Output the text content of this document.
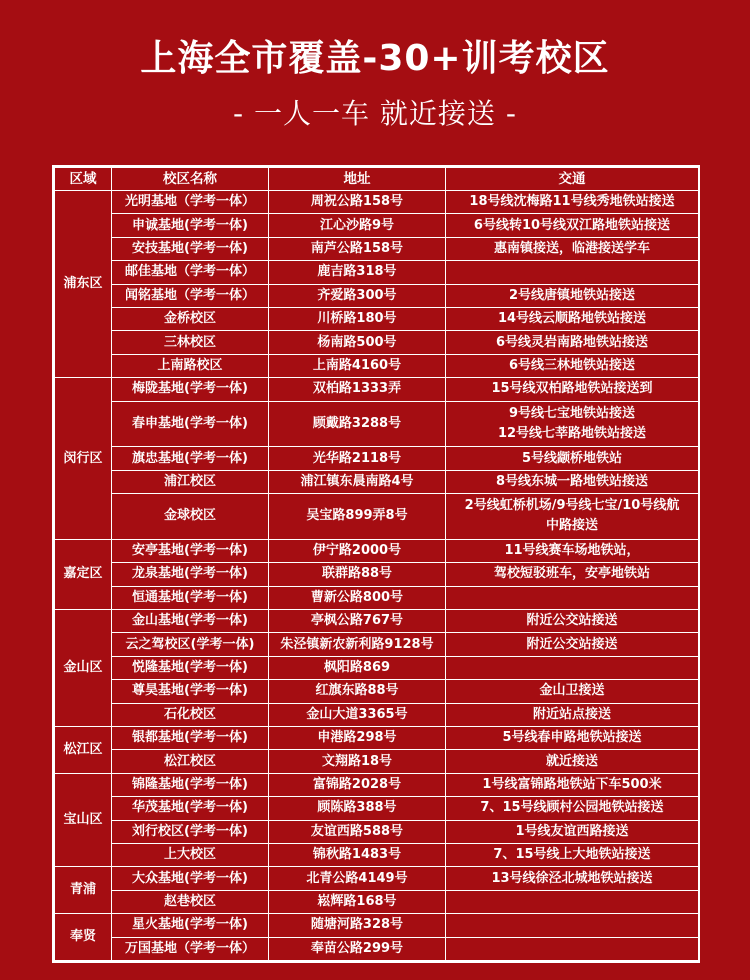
上海全市覆盖-30+训考校区
- 一人一车 就近接送 -
区域	校区名称	地址	交通
浦东区	光明基地（学考一体）	周祝公路158号	18号线沈梅路11号线秀地铁站接送
	申诚基地(学考一体)	江心沙路9号	6号线转10号线双江路地铁站接送
	安技基地(学考一体)	南芦公路158号	惠南镇接送，临港接送学车
	邮佳基地（学考一体）	鹿吉路318号	
	闻铭基地（学考一体）	齐爱路300号	2号线唐镇地铁站接送
	金桥校区	川桥路180号	14号线云顺路地铁站接送
	三林校区	杨南路500号	6号线灵岩南路地铁站接送
	上南路校区	上南路4160号	6号线三林地铁站接送
闵行区	梅陇基地(学考一体)	双柏路1333弄	15号线双柏路地铁站接送到
	春申基地(学考一体)	顾戴路3288号	9号线七宝地铁站接送
12号线七莘路地铁站接送

	旗忠基地(学考一体)	光华路2118号	5号线颛桥地铁站
	浦江校区	浦江镇东晨南路4号	8号线东城一路地铁站接送
	金球校区	吴宝路899弄8号	2号线虹桥机场/9号线七宝/10号线航
中路接送

嘉定区	安亭基地(学考一体)	伊宁路2000号	11号线赛车场地铁站，
	龙泉基地(学考一体)	联群路88号	驾校短驳班车，安亭地铁站
	恒通基地(学考一体)	曹新公路800号	
金山区	金山基地(学考一体)	亭枫公路767号	附近公交站接送
	云之驾校区(学考一体)	朱泾镇新农新利路9128号	附近公交站接送
	悦隆基地(学考一体)	枫阳路869	
	尊昊基地(学考一体)	红旗东路88号	金山卫接送
	石化校区	金山大道3365号	附近站点接送
松江区	银都基地(学考一体)	申港路298号	5号线春申路地铁站接送
	松江校区	文翔路18号	就近接送
宝山区	锦隆基地(学考一体)	富锦路2028号	1号线富锦路地铁站下车500米
	华茂基地(学考一体)	顾陈路388号	7、15号线顾村公园地铁站接送
	刘行校区(学考一体)	友谊西路588号	1号线友谊西路接送
	上大校区	锦秋路1483号	7、15号线上大地铁站接送
青浦	大众基地(学考一体)	北青公路4149号	13号线徐泾北城地铁站接送
	赵巷校区	崧辉路168号	
奉贤	星火基地(学考一体)	随塘河路328号	
	万国基地（学考一体）	奉苗公路299号	
